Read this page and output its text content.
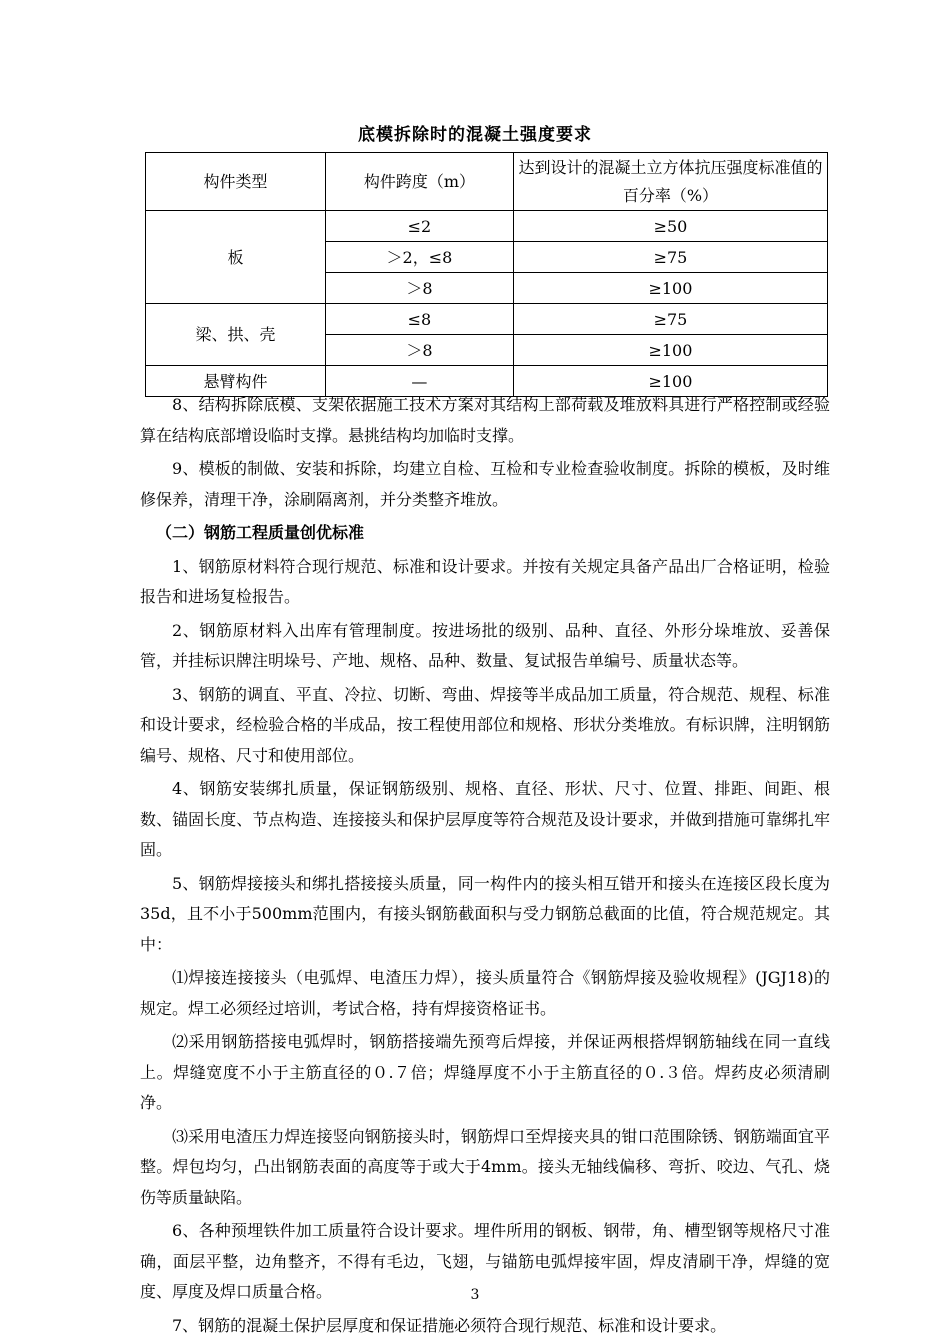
底模拆除时的混凝土强度要求
构件类型	构件跨度（m）	达到设计的混凝土立方体抗压强度标准值的百分率（%）
板	≤2	≥50
	＞2，≤8	≥75
	＞8	≥100
梁、拱、壳	≤8	≥75
	＞8	≥100
悬臂构件	—	≥100

8、结构拆除底模、支架依据施工技术方案对其结构上部荷载及堆放料具进行严格控制或经验算在结构底部增设临时支撑。悬挑结构均加临时支撑。

9、模板的制做、安装和拆除，均建立自检、互检和专业检查验收制度。拆除的模板，及时维修保养，清理干净，涂刷隔离剂，并分类整齐堆放。

（二）钢筋工程质量创优标准

1、钢筋原材料符合现行规范、标准和设计要求。并按有关规定具备产品出厂合格证明，检验报告和进场复检报告。

2、钢筋原材料入出库有管理制度。按进场批的级别、品种、直径、外形分垛堆放、妥善保管，并挂标识牌注明垛号、产地、规格、品种、数量、复试报告单编号、质量状态等。

3、钢筋的调直、平直、冷拉、切断、弯曲、焊接等半成品加工质量，符合规范、规程、标准和设计要求，经检验合格的半成品，按工程使用部位和规格、形状分类堆放。有标识牌，注明钢筋编号、规格、尺寸和使用部位。

4、钢筋安装绑扎质量，保证钢筋级别、规格、直径、形状、尺寸、位置、排距、间距、根数、锚固长度、节点构造、连接接头和保护层厚度等符合规范及设计要求，并做到措施可靠绑扎牢固。

5、钢筋焊接接头和绑扎搭接接头质量，同一构件内的接头相互错开和接头在连接区段长度为35d，且不小于500mm范围内，有接头钢筋截面积与受力钢筋总截面的比值，符合规范规定。其中：

⑴焊接连接接头（电弧焊、电渣压力焊），接头质量符合《钢筋焊接及验收规程》(JGJ18)的规定。焊工必须经过培训，考试合格，持有焊接资格证书。

⑵采用钢筋搭接电弧焊时，钢筋搭接端先预弯后焊接，并保证两根搭焊钢筋轴线在同一直线上。焊缝宽度不小于主筋直径的０.７倍；焊缝厚度不小于主筋直径的０.３倍。焊药皮必须清刷净。

⑶采用电渣压力焊连接竖向钢筋接头时，钢筋焊口至焊接夹具的钳口范围除锈、钢筋端面宜平整。焊包均匀，凸出钢筋表面的高度等于或大于4mm。接头无轴线偏移、弯折、咬边、气孔、烧伤等质量缺陷。

6、各种预埋铁件加工质量符合设计要求。埋件所用的钢板、钢带，角、槽型钢等规格尺寸准确，面层平整，边角整齐，不得有毛边，飞翅，与锚筋电弧焊接牢固，焊皮清刷干净，焊缝的宽度、厚度及焊口质量合格。

7、钢筋的混凝土保护层厚度和保证措施必须符合现行规范、标准和设计要求。

3
